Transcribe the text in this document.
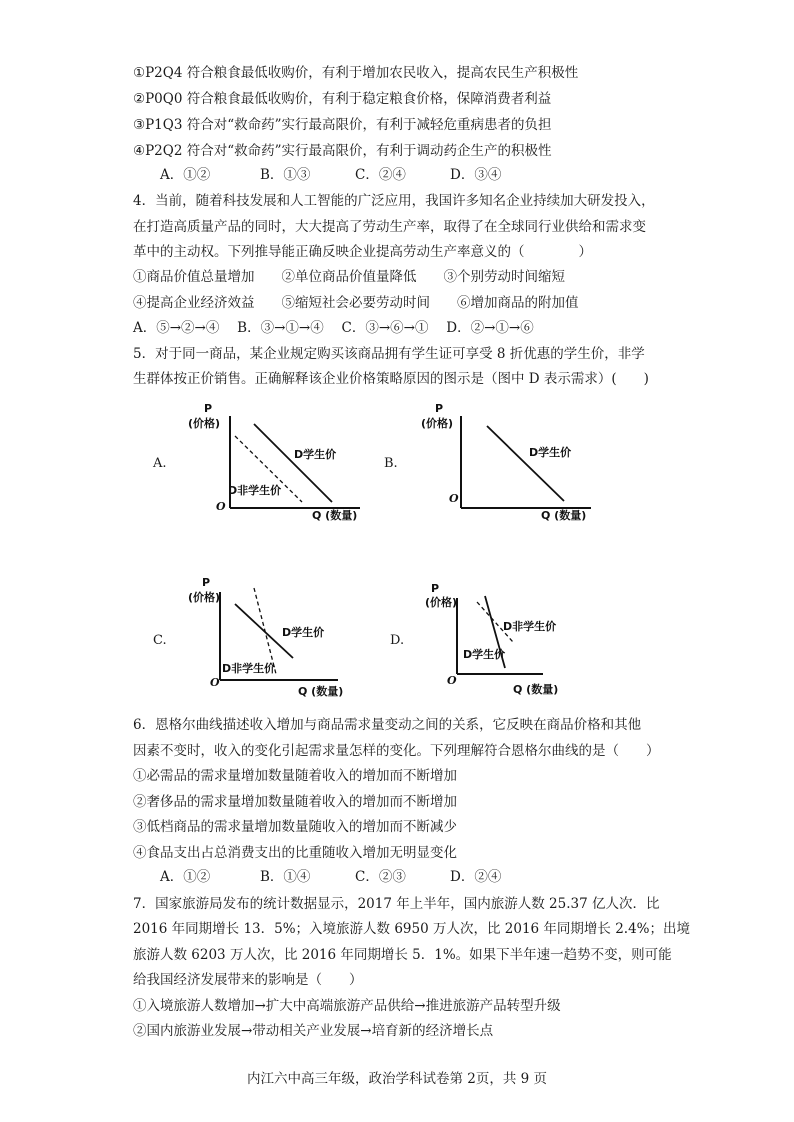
①P2Q4 符合粮食最低收购价，有利于增加农民收入，提高农民生产积极性
②P0Q0 符合粮食最低收购价，有利于稳定粮食价格，保障消费者利益
③P1Q3 符合对“救命药”实行最高限价，有利于减轻危重病患者的负担
④P2Q2 符合对“救命药”实行最高限价，有利于调动药企生产的积极性
A．①②	B．①③	C．②④	D．③④
4．当前，随着科技发展和人工智能的广泛应用，我国许多知名企业持续加大研发投入，
在打造高质量产品的同时，大大提高了劳动生产率，取得了在全球同行业供给和需求变
革中的主动权。下列推导能正确反映企业提高劳动生产率意义的（　　　　）
①商品价值总量增加　　②单位商品价值量降低　　③个别劳动时间缩短
④提高企业经济效益　　⑤缩短社会必要劳动时间　　⑥增加商品的附加值
A．⑤→②→④　 B．③→①→④　 C．③→⑥→①　 D．②→①→⑥
5．对于同一商品，某企业规定购买该商品拥有学生证可享受 8 折优惠的学生价，非学
生群体按正价销售。正确解释该企业价格策略原因的图示是（图中 D 表示需求）(　　)
A.
P
(价格)
O
Q (数量)
D学生价
D非学生价
B.
P
(价格)
O
Q (数量)
D学生价
C.
P
(价格)
O
Q (数量)
D学生价
D非学生价
D.
P
(价格)
O
Q (数量)
D非学生价
D学生价
6．恩格尔曲线描述收入增加与商品需求量变动之间的关系，它反映在商品价格和其他
因素不变时，收入的变化引起需求量怎样的变化。下列理解符合恩格尔曲线的是（　　）
①必需品的需求量增加数量随着收入的增加而不断增加
②奢侈品的需求量增加数量随着收入的增加而不断增加
③低档商品的需求量增加数量随收入的增加而不断减少
④食品支出占总消费支出的比重随收入增加无明显变化
A．①②	B．①④	C．②③	D．②④
7．国家旅游局发布的统计数据显示，2017 年上半年，国内旅游人数 25.37 亿人次．比
2016 年同期增长 13．5%；入境旅游人数 6950 万人次，比 2016 年同期增长 2.4%；出境
旅游人数 6203 万人次，比 2016 年同期增长 5．1%。如果下半年速一趋势不变，则可能
给我国经济发展带来的影响是（　　）
①入境旅游人数增加→扩大中高端旅游产品供给→推进旅游产品转型升级
②国内旅游业发展→带动相关产业发展→培育新的经济增长点
内江六中高三年级，政治学科试卷第 2页，共 9 页
